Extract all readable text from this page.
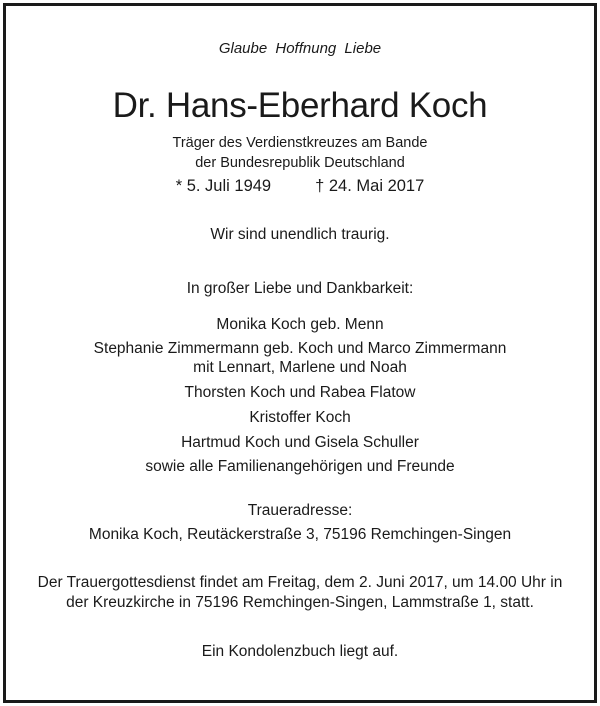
Glaube Hoffnung Liebe
Dr. Hans-Eberhard Koch
Träger des Verdienstkreuzes am Bande
der Bundesrepublik Deutschland
* 5. Juli 1949	† 24. Mai 2017
Wir sind unendlich traurig.
In großer Liebe und Dankbarkeit:
Monika Koch geb. Menn
Stephanie Zimmermann geb. Koch und Marco Zimmermann
mit Lennart, Marlene und Noah
Thorsten Koch und Rabea Flatow
Kristoffer Koch
Hartmud Koch und Gisela Schuller
sowie alle Familienangehörigen und Freunde
Traueradresse:
Monika Koch, Reutäckerstraße 3, 75196 Remchingen-Singen
Der Trauergottesdienst findet am Freitag, dem 2. Juni 2017, um 14.00 Uhr in
der Kreuzkirche in 75196 Remchingen-Singen, Lammstraße 1, statt.
Ein Kondolenzbuch liegt auf.
